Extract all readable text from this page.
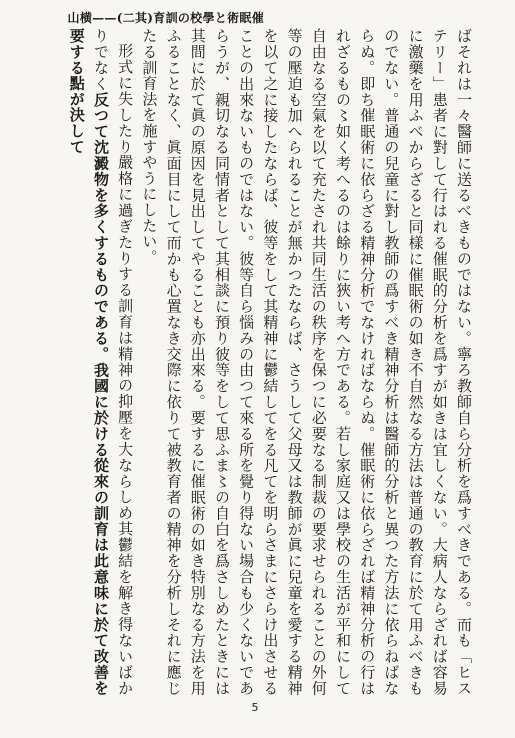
催眠術と學校の訓育(其二)——横山

ばそれは一々醫師に送るべきものではない。寧ろ教師自ら分析を爲すべきである。而も「ヒステリー」患者に對して行はれる催眠的分析を爲すが如きは宜しくない。大病人ならざれば容易に激藥を用ふべからざると同樣に催眠術の如き不自然なる方法は普通の教育に於て用ふべきものでない。普通の兒童に對し教師の爲すべき精神分析は醫師的分析と異つた方法に依らねばならぬ。即ち催眠術に依らざる精神分析でなければならぬ。催眠術に依らざれば精神分析の行はれざるもの〻如く考へるのは餘りに狹い考へ方である。若し家庭又は學校の生活が平和にして自由なる空氣を以て充たされ共同生活の秩序を保つに必要なる制裁の要求せられることの外何等の壓迫も加へられることが無かつたならば、さうして父母又は教師が眞に兒童を愛する精神を以て之に接したならば、彼等をして其精神に鬱結してをる凡てを明らさまにさらけ出させることの出來ないものではない。彼等自ら惱みの由つて來る所を覺り得ない場合も少くないであらうが、親切なる同情者として其相談に預り彼等をして思ふま〻の自白を爲さしめたときには其間に於て眞の原因を見出してやることも亦出來る。要するに催眠術の如き特別なる方法を用ふることなく、眞面目にして而かも心置なき交際に依りて被教育者の精神を分析しそれに應じたる訓育法を施すやうにしたい。

形式に失したり嚴格に過ぎたりする訓育は精神の抑壓を大ならしめ其鬱結を解き得ないばかりでなく反つて沈澱物を多くするものである。我國に於ける從來の訓育は此意味に於て改善を要する點が決して

5
